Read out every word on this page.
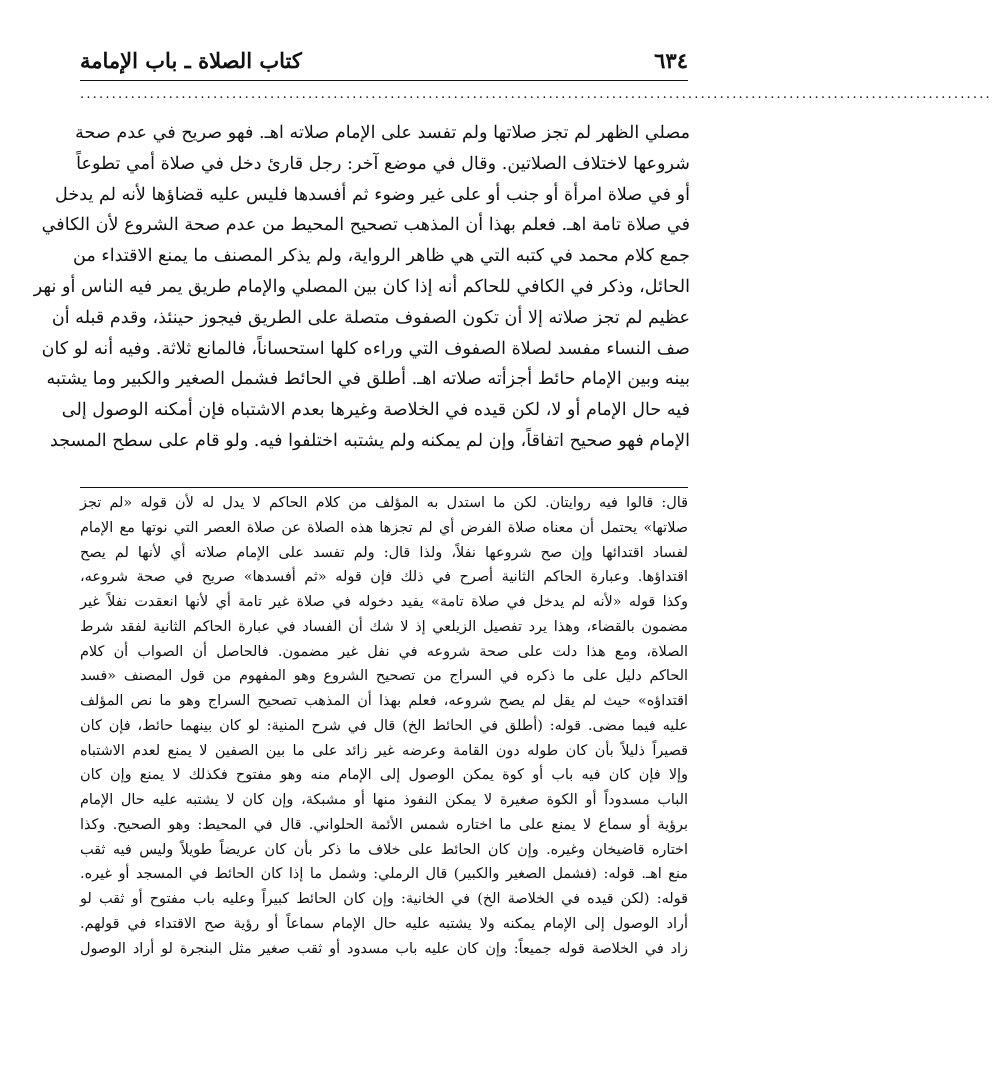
٦٣٤
كتاب الصلاة ـ باب الإمامة
................................................................................................................................................
مصلي الظهر لم تجز صلاتها ولم تفسد على الإمام صلاته اهـ. فهو صريح في عدم صحة
شروعها لاختلاف الصلاتين. وقال في موضع آخر: رجل قارئ دخل في صلاة أمي تطوعاً
أو في صلاة امرأة أو جنب أو على غير وضوء ثم أفسدها فليس عليه قضاؤها لأنه لم يدخل
في صلاة تامة اهـ. فعلم بهذا أن المذهب تصحيح المحيط من عدم صحة الشروع لأن الكافي
جمع كلام محمد في كتبه التي هي ظاهر الرواية، ولم يذكر المصنف ما يمنع الاقتداء من
الحائل، وذكر في الكافي للحاكم أنه إذا كان بين المصلي والإمام طريق يمر فيه الناس أو نهر
عظيم لم تجز صلاته إلا أن تكون الصفوف متصلة على الطريق فيجوز حينئذ، وقدم قبله أن
صف النساء مفسد لصلاة الصفوف التي وراءه كلها استحساناً، فالمانع ثلاثة. وفيه أنه لو كان
بينه وبين الإمام حائط أجزأته صلاته اهـ. أطلق في الحائط فشمل الصغير والكبير وما يشتبه
فيه حال الإمام أو لا، لكن قيده في الخلاصة وغيرها بعدم الاشتباه فإن أمكنه الوصول إلى
الإمام فهو صحيح اتفاقاً، وإن لم يمكنه ولم يشتبه اختلفوا فيه. ولو قام على سطح المسجد
قال: قالوا فيه روايتان. لكن ما استدل به المؤلف من كلام الحاكم لا يدل له لأن قوله «لم تجز
صلاتها» يحتمل أن معناه صلاة الفرض أي لم تجزها هذه الصلاة عن صلاة العصر التي نوتها مع الإمام
لفساد اقتدائها وإن صح شروعها نفلاً، ولذا قال: ولم تفسد على الإمام صلاته أي لأنها لم يصح
اقتداؤها. وعبارة الحاكم الثانية أصرح في ذلك فإن قوله «ثم أفسدها» صريح في صحة شروعه،
وكذا قوله «لأنه لم يدخل في صلاة تامة» يفيد دخوله في صلاة غير تامة أي لأنها انعقدت نفلاً غير
مضمون بالقضاء، وهذا يرد تفصيل الزيلعي إذ لا شك أن الفساد في عبارة الحاكم الثانية لفقد شرط
الصلاة، ومع هذا دلت على صحة شروعه في نفل غير مضمون. فالحاصل أن الصواب أن كلام
الحاكم دليل على ما ذكره في السراج من تصحيح الشروع وهو المفهوم من قول المصنف «فسد
اقتداؤه» حيث لم يقل لم يصح شروعه، فعلم بهذا أن المذهب تصحيح السراج وهو ما نص المؤلف
عليه فيما مضى. قوله: (أطلق في الحائط الخ) قال في شرح المنية: لو كان بينهما حائط، فإن كان
قصيراً ذليلاً بأن كان طوله دون القامة وعرضه غير زائد على ما بين الصفين لا يمنع لعدم الاشتباه
وإلا فإن كان فيه باب أو كوة يمكن الوصول إلى الإمام منه وهو مفتوح فكذلك لا يمنع وإن كان
الباب مسدوداً أو الكوة صغيرة لا يمكن النفوذ منها أو مشبكة، وإن كان لا يشتبه عليه حال الإمام
برؤية أو سماع لا يمنع على ما اختاره شمس الأئمة الحلواني. قال في المحيط: وهو الصحيح. وكذا
اختاره قاضيخان وغيره. وإن كان الحائط على خلاف ما ذكر بأن كان عريضاً طويلاً وليس فيه ثقب
منع اهـ. قوله: (فشمل الصغير والكبير) قال الرملي: وشمل ما إذا كان الحائط في المسجد أو غيره.
قوله: (لكن قيده في الخلاصة الخ) في الخانية: وإن كان الحائط كبيراً وعليه باب مفتوح أو ثقب لو
أراد الوصول إلى الإمام يمكنه ولا يشتبه عليه حال الإمام سماعاً أو رؤية صح الاقتداء في قولهم.
زاد في الخلاصة قوله جميعاً: وإن كان عليه باب مسدود أو ثقب صغير مثل البنجرة لو أراد الوصول
